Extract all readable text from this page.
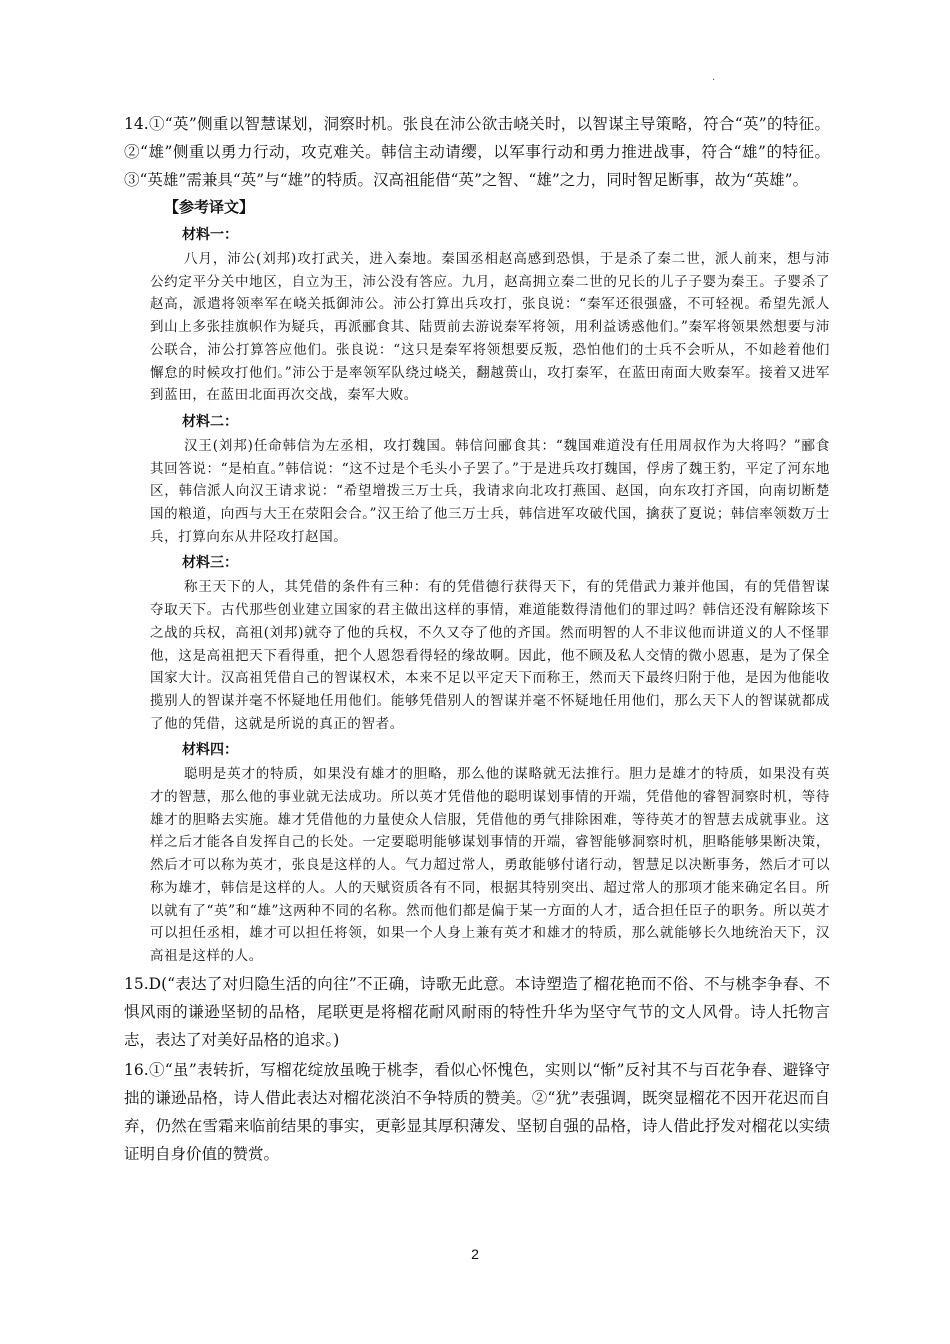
.

14.①“英”侧重以智慧谋划，洞察时机。张良在沛公欲击峣关时，以智谋主导策略，符合“英”的特征。②“雄”侧重以勇力行动，攻克难关。韩信主动请缨，以军事行动和勇力推进战事，符合“雄”的特征。③“英雄”需兼具“英”与“雄”的特质。汉高祖能借“英”之智、“雄”之力，同时智足断事，故为“英雄”。

【参考译文】

材料一：

八月，沛公(刘邦)攻打武关，进入秦地。秦国丞相赵高感到恐惧，于是杀了秦二世，派人前来，想与沛公约定平分关中地区，自立为王，沛公没有答应。九月，赵高拥立秦二世的兄长的儿子子婴为秦王。子婴杀了赵高，派遣将领率军在峣关抵御沛公。沛公打算出兵攻打，张良说：“秦军还很强盛，不可轻视。希望先派人到山上多张挂旗帜作为疑兵，再派郦食其、陆贾前去游说秦军将领，用利益诱惑他们。”秦军将领果然想要与沛公联合，沛公打算答应他们。张良说：“这只是秦军将领想要反叛，恐怕他们的士兵不会听从，不如趁着他们懈怠的时候攻打他们。”沛公于是率领军队绕过峣关，翻越蒉山，攻打秦军，在蓝田南面大败秦军。接着又进军到蓝田，在蓝田北面再次交战，秦军大败。

材料二：

汉王(刘邦)任命韩信为左丞相，攻打魏国。韩信问郦食其：“魏国难道没有任用周叔作为大将吗？”郦食其回答说：“是柏直。”韩信说：“这不过是个毛头小子罢了。”于是进兵攻打魏国，俘虏了魏王豹，平定了河东地区，韩信派人向汉王请求说：“希望增拨三万士兵，我请求向北攻打燕国、赵国，向东攻打齐国，向南切断楚国的粮道，向西与大王在荥阳会合。”汉王给了他三万士兵，韩信进军攻破代国，擒获了夏说；韩信率领数万士兵，打算向东从井陉攻打赵国。

材料三：

称王天下的人，其凭借的条件有三种：有的凭借德行获得天下，有的凭借武力兼并他国，有的凭借智谋夺取天下。古代那些创业建立国家的君主做出这样的事情，难道能数得清他们的罪过吗？韩信还没有解除垓下之战的兵权，高祖(刘邦)就夺了他的兵权，不久又夺了他的齐国。然而明智的人不非议他而讲道义的人不怪罪他，这是高祖把天下看得重，把个人恩怨看得轻的缘故啊。因此，他不顾及私人交情的微小恩惠，是为了保全国家大计。汉高祖凭借自己的智谋权术，本来不足以平定天下而称王，然而天下最终归附于他，是因为他能收揽别人的智谋并毫不怀疑地任用他们。能够凭借别人的智谋并毫不怀疑地任用他们，那么天下人的智谋就都成了他的凭借，这就是所说的真正的智者。

材料四：

聪明是英才的特质，如果没有雄才的胆略，那么他的谋略就无法推行。胆力是雄才的特质，如果没有英才的智慧，那么他的事业就无法成功。所以英才凭借他的聪明谋划事情的开端，凭借他的睿智洞察时机，等待雄才的胆略去实施。雄才凭借他的力量使众人信服，凭借他的勇气排除困难，等待英才的智慧去成就事业。这样之后才能各自发挥自己的长处。一定要聪明能够谋划事情的开端，睿智能够洞察时机，胆略能够果断决策，然后才可以称为英才，张良是这样的人。气力超过常人，勇敢能够付诸行动，智慧足以决断事务，然后才可以称为雄才，韩信是这样的人。人的天赋资质各有不同，根据其特别突出、超过常人的那项才能来确定名目。所以就有了“英”和“雄”这两种不同的名称。然而他们都是偏于某一方面的人才，适合担任臣子的职务。所以英才可以担任丞相，雄才可以担任将领，如果一个人身上兼有英才和雄才的特质，那么就能够长久地统治天下，汉高祖是这样的人。

15.D(“表达了对归隐生活的向往”不正确，诗歌无此意。本诗塑造了榴花艳而不俗、不与桃李争春、不惧风雨的谦逊坚韧的品格，尾联更是将榴花耐风耐雨的特性升华为坚守气节的文人风骨。诗人托物言志，表达了对美好品格的追求。)

16.①“虽”表转折，写榴花绽放虽晚于桃李，看似心怀愧色，实则以“惭”反衬其不与百花争春、避锋守拙的谦逊品格，诗人借此表达对榴花淡泊不争特质的赞美。②“犹”表强调，既突显榴花不因开花迟而自弃，仍然在雪霜来临前结果的事实，更彰显其厚积薄发、坚韧自强的品格，诗人借此抒发对榴花以实绩证明自身价值的赞赏。

2
